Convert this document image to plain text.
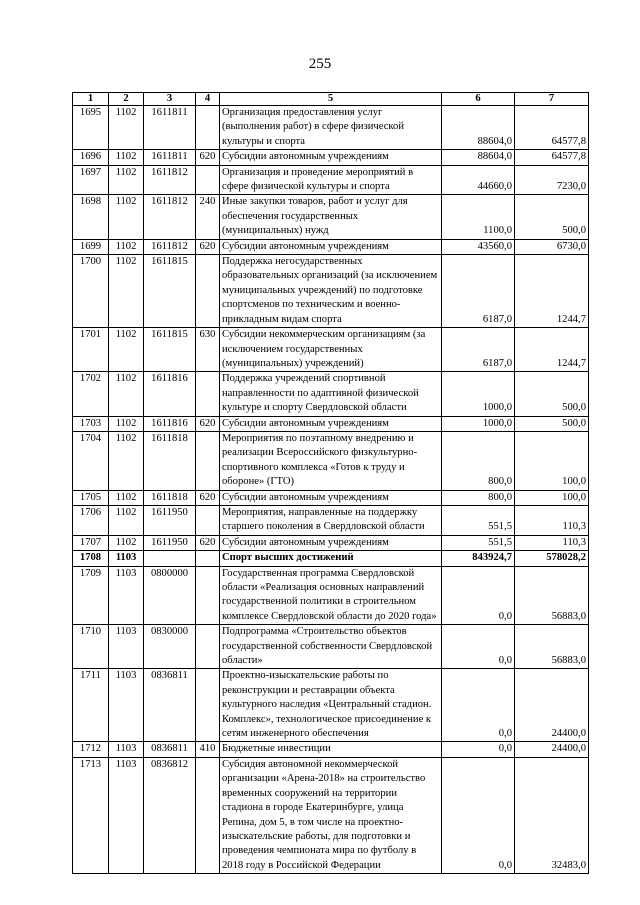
255
1	2	3	4	5	6	7
1695	1102	1611811		Организация предоставления услуг (выполнения работ) в сфере физической культуры и спорта	88604,0	64577,8
1696	1102	1611811	620	Субсидии автономным учреждениям	88604,0	64577,8
1697	1102	1611812		Организация и проведение мероприятий в сфере физической культуры и спорта	44660,0	7230,0
1698	1102	1611812	240	Иные закупки товаров, работ и услуг для обеспечения государственных (муниципальных) нужд	1100,0	500,0
1699	1102	1611812	620	Субсидии автономным учреждениям	43560,0	6730,0
1700	1102	1611815		Поддержка негосударственных образовательных организаций (за исключением муниципальных учреждений) по подготовке спортсменов по техническим и военно-прикладным видам спорта	6187,0	1244,7
1701	1102	1611815	630	Субсидии некоммерческим организациям (за исключением государственных (муниципальных) учреждений)	6187,0	1244,7
1702	1102	1611816		Поддержка учреждений спортивной направленности по адаптивной физической культуре и спорту Свердловской области	1000,0	500,0
1703	1102	1611816	620	Субсидии автономным учреждениям	1000,0	500,0
1704	1102	1611818		Мероприятия по поэтапному внедрению и реализации Всероссийского физкультурно-спортивного комплекса «Готов к труду и обороне» (ГТО)	800,0	100,0
1705	1102	1611818	620	Субсидии автономным учреждениям	800,0	100,0
1706	1102	1611950		Мероприятия, направленные на поддержку старшего поколения в Свердловской области	551,5	110,3
1707	1102	1611950	620	Субсидии автономным учреждениям	551,5	110,3
1708	1103			Спорт высших достижений	843924,7	578028,2
1709	1103	0800000		Государственная программа Свердловской области «Реализация основных направлений государственной политики в строительном комплексе Свердловской области до 2020 года»	0,0	56883,0
1710	1103	0830000		Подпрограмма «Строительство объектов государственной собственности Свердловской области»	0,0	56883,0
1711	1103	0836811		Проектно-изыскательские работы по реконструкции и реставрации объекта культурного наследия «Центральный стадион. Комплекс», технологическое присоединение к сетям инженерного обеспечения	0,0	24400,0
1712	1103	0836811	410	Бюджетные инвестиции	0,0	24400,0
1713	1103	0836812		Субсидия автономной некоммерческой организации «Арена-2018» на строительство временных сооружений на территории стадиона в городе Екатеринбурге, улица Репина, дом 5, в том числе на проектно-изыскательские работы, для подготовки и проведения чемпионата мира по футболу в 2018 году в Российской Федерации	0,0	32483,0
